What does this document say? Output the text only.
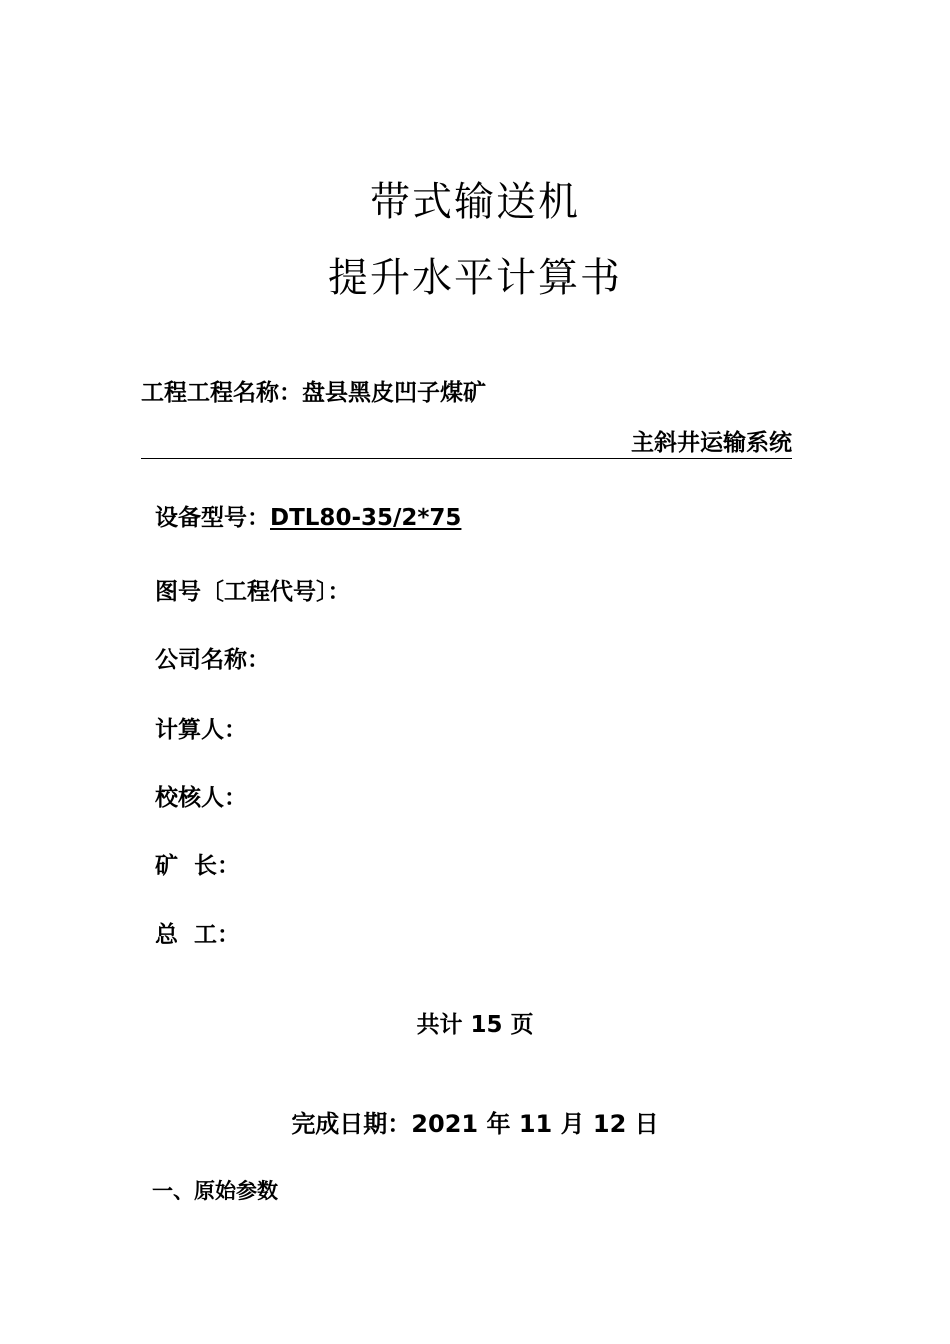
带式输送机
提升水平计算书
工程工程名称：盘县黑皮凹子煤矿
主斜井运输系统
设备型号：DTL80-35/2*75
图号〔工程代号〕：
公司名称：
计算人：
校核人：
矿  长：
总  工：
共计 15 页
完成日期：2021 年 11 月 12 日
一、原始参数
